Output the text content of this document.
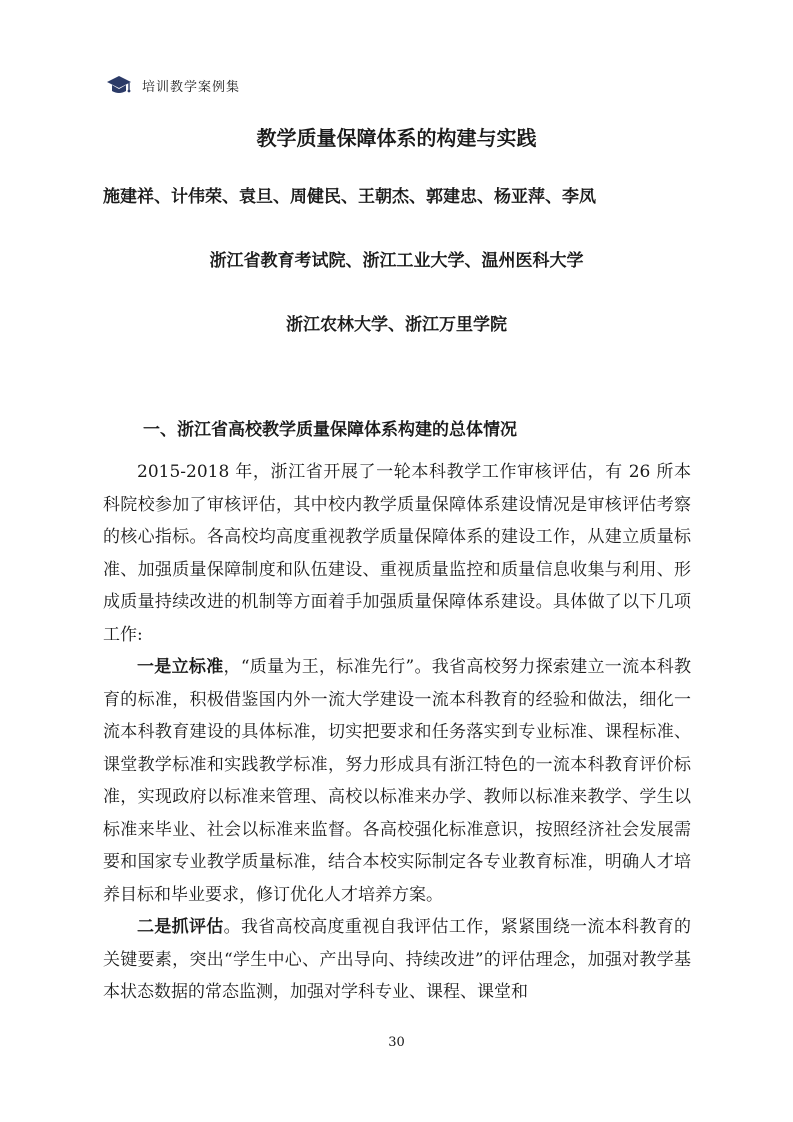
培训教学案例集
教学质量保障体系的构建与实践

施建祥、计伟荣、袁旦、周健民、王朝杰、郭建忠、杨亚萍、李凤

浙江省教育考试院、浙江工业大学、温州医科大学

浙江农林大学、浙江万里学院

一、浙江省高校教学质量保障体系构建的总体情况

2015-2018 年，浙江省开展了一轮本科教学工作审核评估，有 26 所本科院校参加了审核评估，其中校内教学质量保障体系建设情况是审核评估考察的核心指标。各高校均高度重视教学质量保障体系的建设工作，从建立质量标准、加强质量保障制度和队伍建设、重视质量监控和质量信息收集与利用、形成质量持续改进的机制等方面着手加强质量保障体系建设。具体做了以下几项工作:

一是立标准，“质量为王，标准先行”。我省高校努力探索建立一流本科教育的标准，积极借鉴国内外一流大学建设一流本科教育的经验和做法，细化一流本科教育建设的具体标准，切实把要求和任务落实到专业标准、课程标准、课堂教学标准和实践教学标准，努力形成具有浙江特色的一流本科教育评价标准，实现政府以标准来管理、高校以标准来办学、教师以标准来教学、学生以标准来毕业、社会以标准来监督。各高校强化标准意识，按照经济社会发展需要和国家专业教学质量标准，结合本校实际制定各专业教育标准，明确人才培养目标和毕业要求，修订优化人才培养方案。

二是抓评估。我省高校高度重视自我评估工作，紧紧围绕一流本科教育的关键要素，突出“学生中心、产出导向、持续改进”的评估理念，加强对教学基本状态数据的常态监测，加强对学科专业、课程、课堂和

30
